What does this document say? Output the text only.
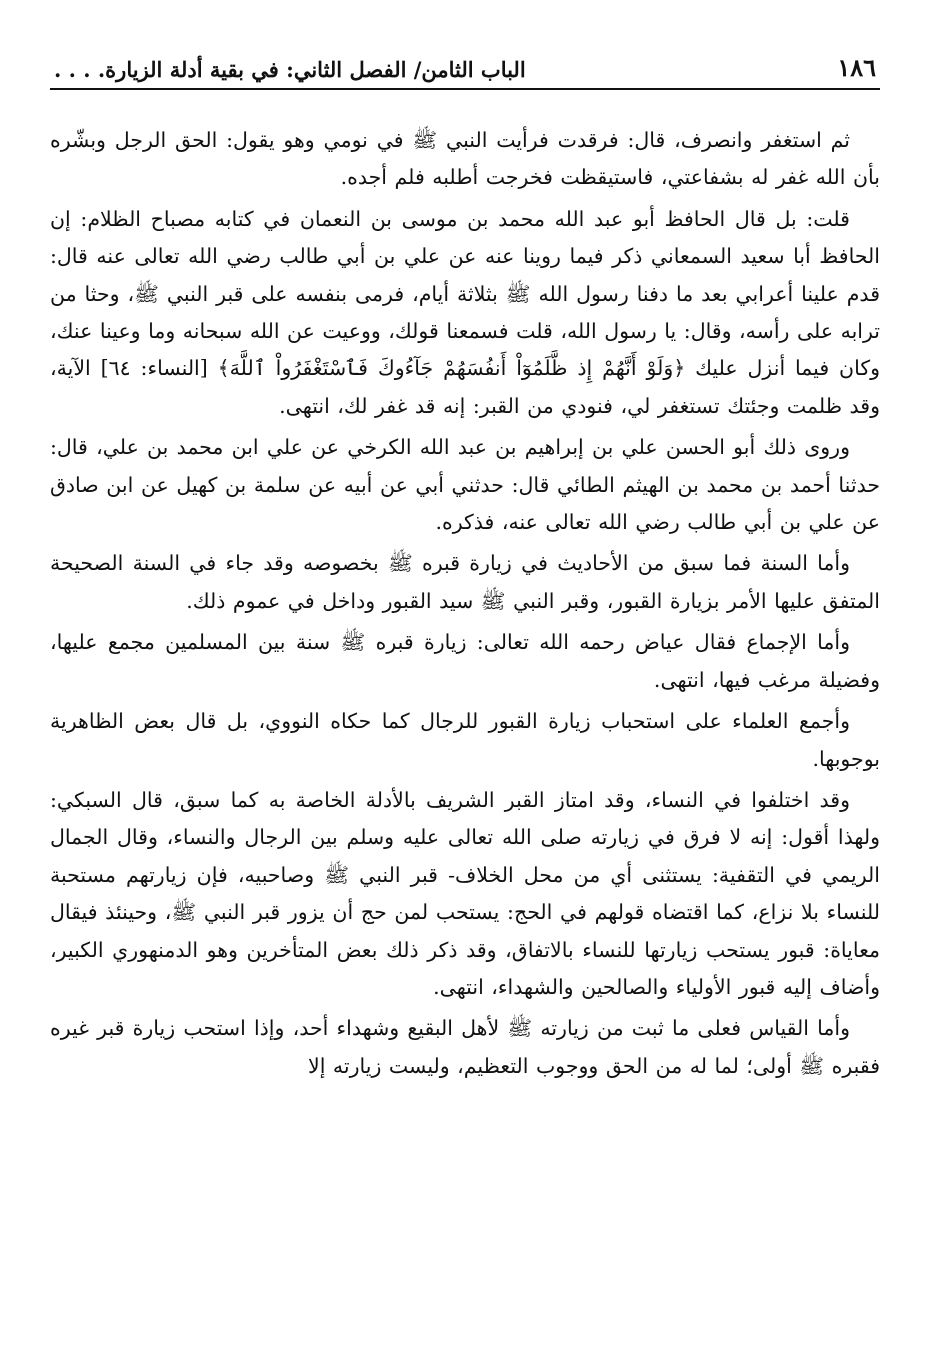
١٨٦
الباب الثامن/ الفصل الثاني: في بقية أدلة الزيارة. . . .

ثم استغفر وانصرف، قال: فرقدت فرأيت النبي ﷺ في نومي وهو يقول: الحق الرجل وبشّره بأن الله غفر له بشفاعتي، فاستيقظت فخرجت أطلبه فلم أجده.

قلت: بل قال الحافظ أبو عبد الله محمد بن موسى بن النعمان في كتابه مصباح الظلام: إن الحافظ أبا سعيد السمعاني ذكر فيما روينا عنه عن علي بن أبي طالب رضي الله تعالى عنه قال: قدم علينا أعرابي بعد ما دفنا رسول الله ﷺ بثلاثة أيام، فرمى بنفسه على قبر النبي ﷺ، وحثا من ترابه على رأسه، وقال: يا رسول الله، قلت فسمعنا قولك، ووعيت عن الله سبحانه وما وعينا عنك، وكان فيما أنزل عليك ﴿وَلَوْ أَنَّهُمْ إِذ ظَّلَمُوٓاْ أَنفُسَهُمْ جَآءُوكَ فَٱسْتَغْفَرُواْ ٱللَّهَ﴾ [النساء: ٦٤] الآية، وقد ظلمت وجئتك تستغفر لي، فنودي من القبر: إنه قد غفر لك، انتهى.

وروى ذلك أبو الحسن علي بن إبراهيم بن عبد الله الكرخي عن علي ابن محمد بن علي، قال: حدثنا أحمد بن محمد بن الهيثم الطائي قال: حدثني أبي عن أبيه عن سلمة بن كهيل عن ابن صادق عن علي بن أبي طالب رضي الله تعالى عنه، فذكره.

وأما السنة فما سبق من الأحاديث في زيارة قبره ﷺ بخصوصه وقد جاء في السنة الصحيحة المتفق عليها الأمر بزيارة القبور، وقبر النبي ﷺ سيد القبور وداخل في عموم ذلك.

وأما الإجماع فقال عياض رحمه الله تعالى: زيارة قبره ﷺ سنة بين المسلمين مجمع عليها، وفضيلة مرغب فيها، انتهى.

وأجمع العلماء على استحباب زيارة القبور للرجال كما حكاه النووي، بل قال بعض الظاهرية بوجوبها.

وقد اختلفوا في النساء، وقد امتاز القبر الشريف بالأدلة الخاصة به كما سبق، قال السبكي: ولهذا أقول: إنه لا فرق في زيارته صلى الله تعالى عليه وسلم بين الرجال والنساء، وقال الجمال الريمي في التقفية: يستثنى أي من محل الخلاف- قبر النبي ﷺ وصاحبيه، فإن زيارتهم مستحبة للنساء بلا نزاع، كما اقتضاه قولهم في الحج: يستحب لمن حج أن يزور قبر النبي ﷺ، وحينئذ فيقال معاياة: قبور يستحب زيارتها للنساء بالاتفاق، وقد ذكر ذلك بعض المتأخرين وهو الدمنهوري الكبير، وأضاف إليه قبور الأولياء والصالحين والشهداء، انتهى.

وأما القياس فعلى ما ثبت من زيارته ﷺ لأهل البقيع وشهداء أحد، وإذا استحب زيارة قبر غيره فقبره ﷺ أولى؛ لما له من الحق ووجوب التعظيم، وليست زيارته إلا
